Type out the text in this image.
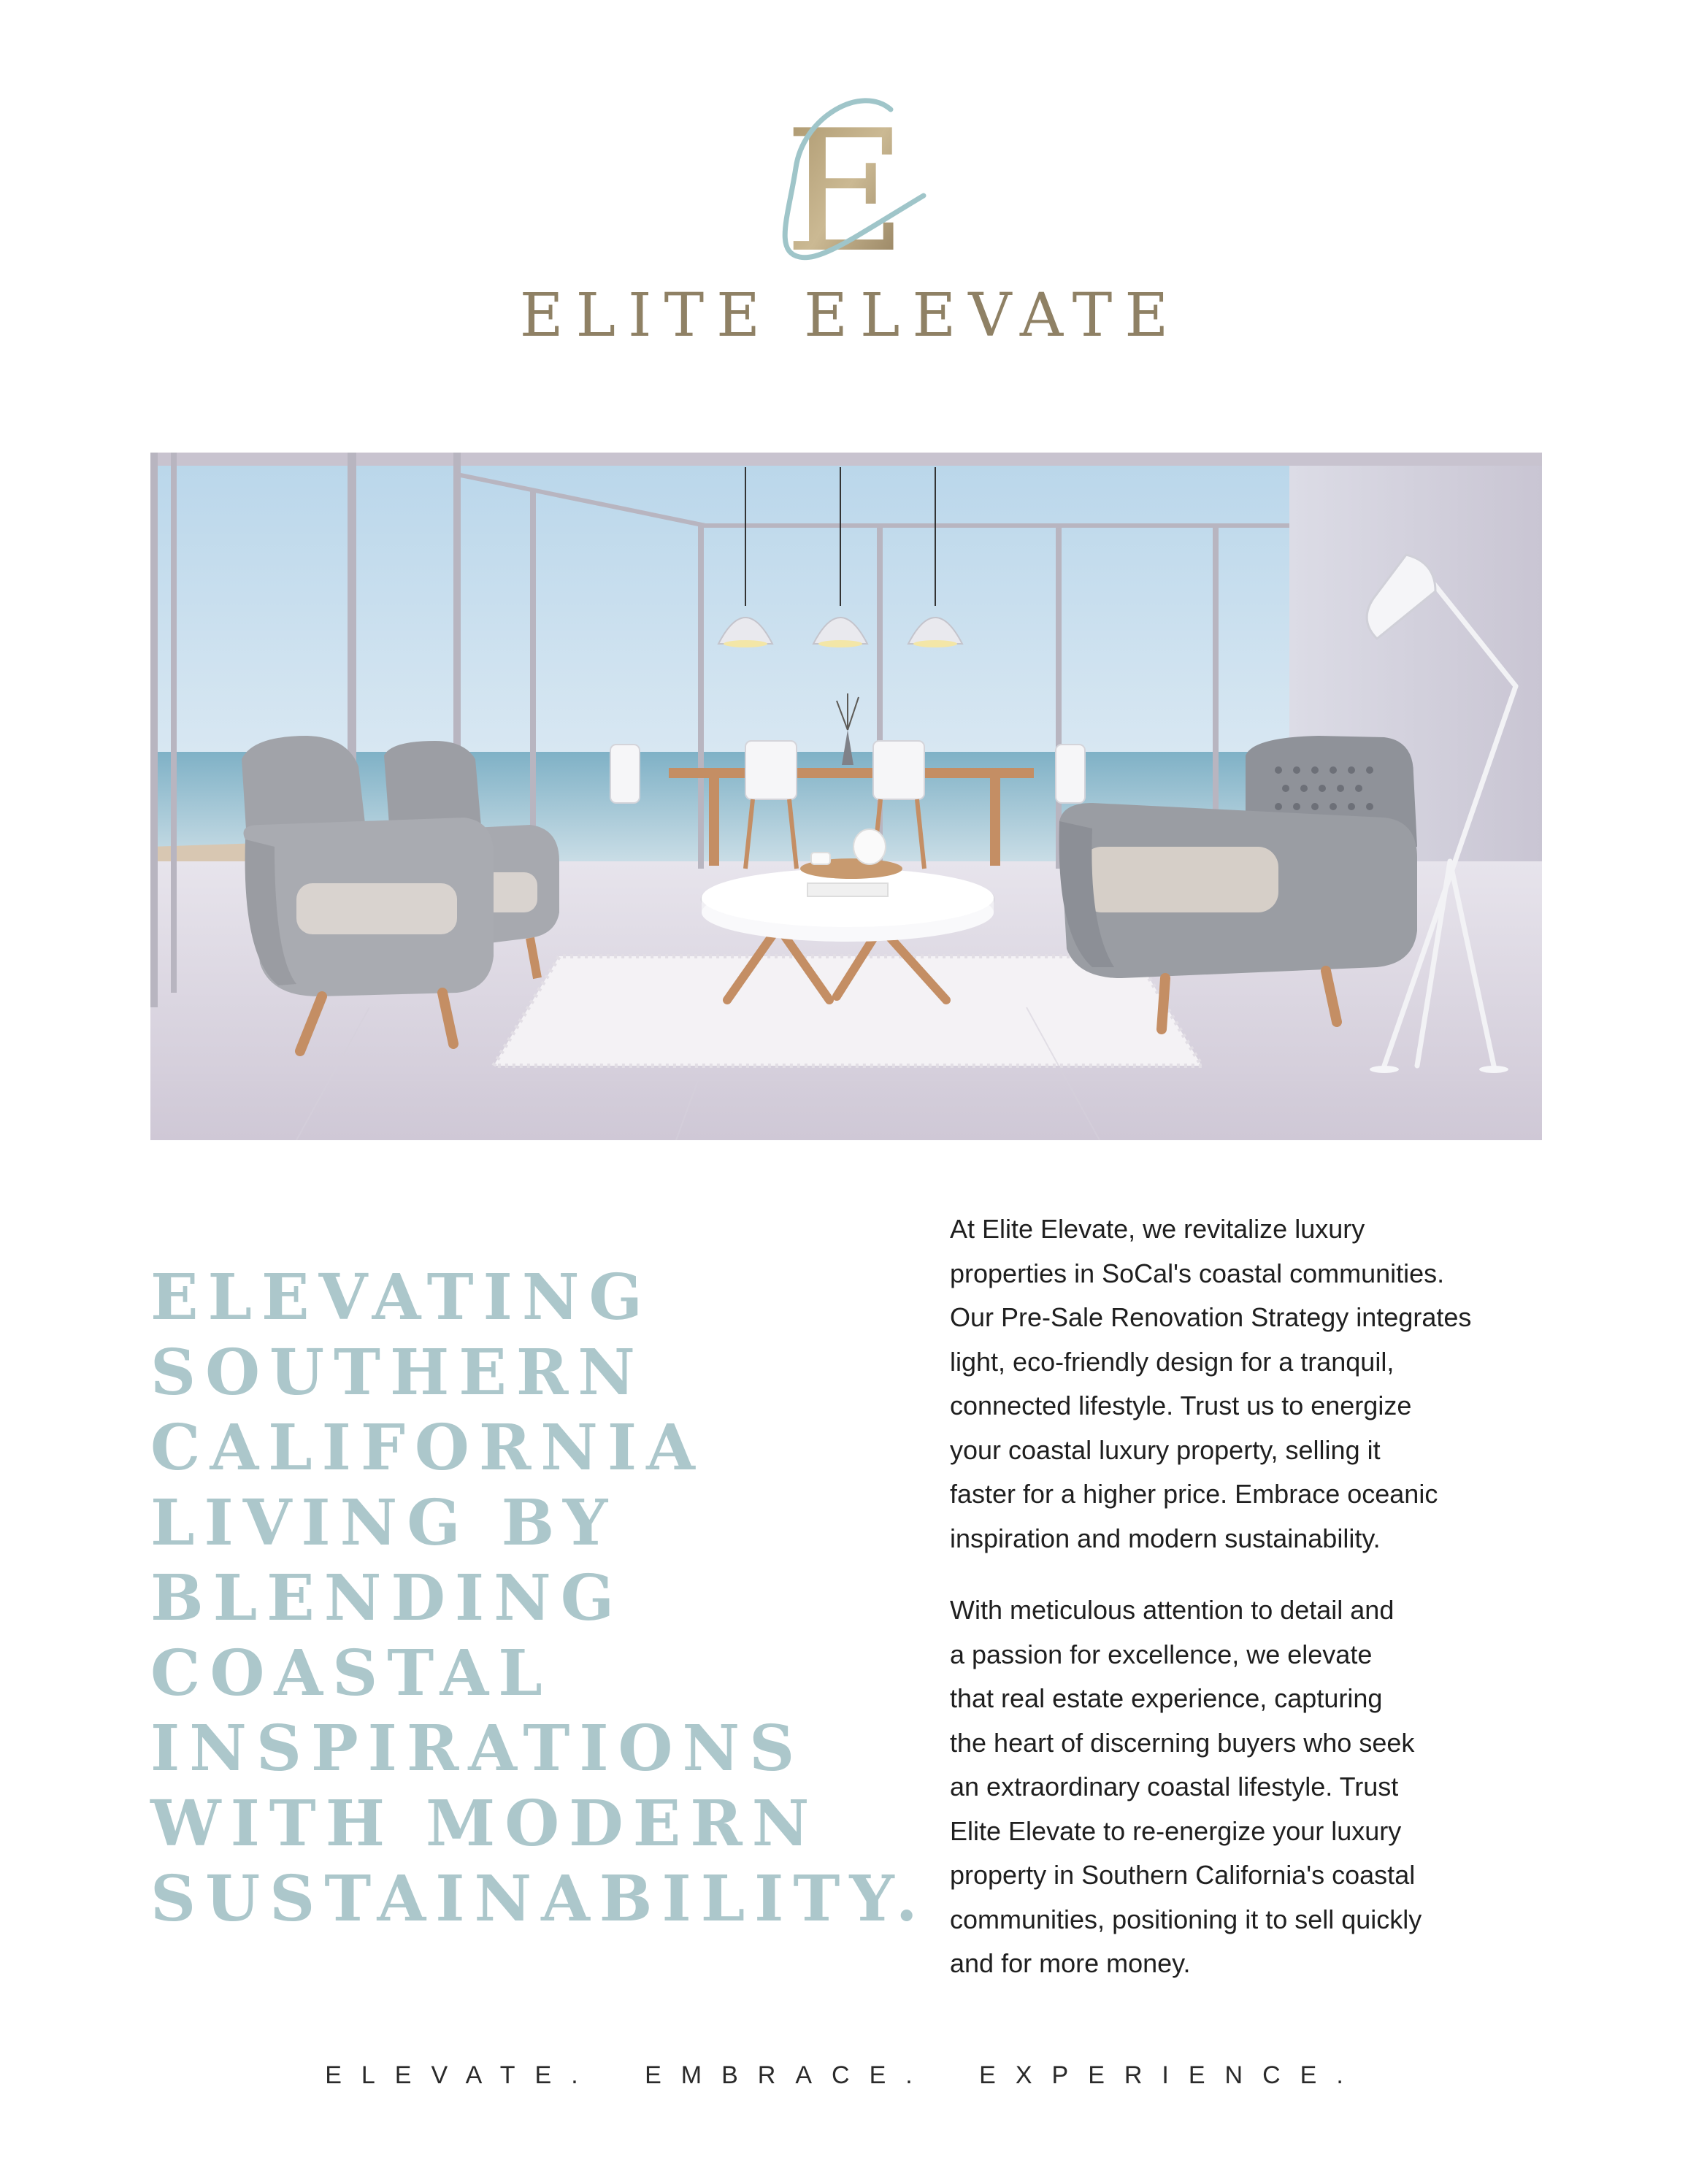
E
ELITE ELEVATE
ELEVATING
SOUTHERN
CALIFORNIA
LIVING BY
BLENDING
COASTAL
INSPIRATIONS
WITH MODERN
SUSTAINABILITY.

At Elite Elevate, we revitalize luxury
properties in SoCal's coastal communities.
Our Pre-Sale Renovation Strategy integrates
light, eco-friendly design for a tranquil,
connected lifestyle. Trust us to energize
your coastal luxury property, selling it
faster for a higher price. Embrace oceanic
inspiration and modern sustainability.

With meticulous attention to detail and
a passion for excellence, we elevate
that real estate experience, capturing
the heart of discerning buyers who seek
an extraordinary coastal lifestyle. Trust
Elite Elevate to re-energize your luxury
property in Southern California's coastal
communities, positioning it to sell quickly
and for more money.

ELEVATE. EMBRACE. EXPERIENCE.
